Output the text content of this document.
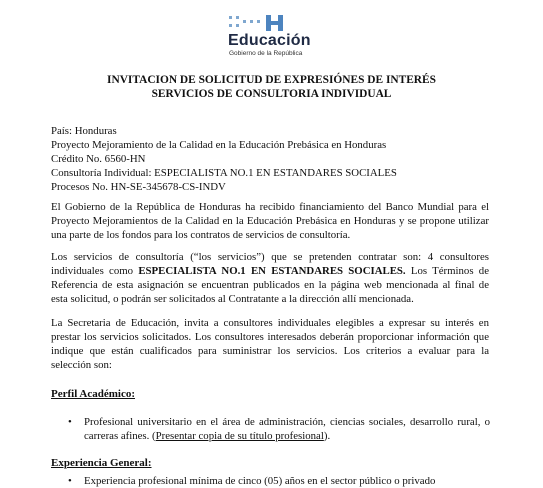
Educación
Gobierno de la República
INVITACION DE SOLICITUD DE EXPRESIÓNES DE INTERÉS
SERVICIOS DE CONSULTORIA INDIVIDUAL
País: Honduras
Proyecto Mejoramiento de la Calidad en la Educación Prebásica en Honduras
Crédito No. 6560-HN
Consultoría Individual: ESPECIALISTA NO.1 EN ESTANDARES SOCIALES
Procesos No. HN-SE-345678-CS-INDV
El Gobierno de la República de Honduras ha recibido financiamiento del Banco Mundial para el
Proyecto Mejoramientos de la Calidad en la Educación Prebásica en Honduras y se propone utilizar
una parte de los fondos para los contratos de servicios de consultoría.
Los servicios de consultoría (“los servicios”) que se pretenden contratar son: 4 consultores
individuales como ESPECIALISTA NO.1 EN ESTANDARES SOCIALES. Los Términos de
Referencia de esta asignación se encuentran publicados en la página web mencionada al final de
esta solicitud, o podrán ser solicitados al Contratante a la dirección allí mencionada.
La Secretaria de Educación, invita a consultores individuales elegibles a expresar su interés en
prestar los servicios solicitados. Los consultores interesados deberán proporcionar información que
indique que están cualificados para suministrar los servicios. Los criterios a evaluar para la
selección son:
Perfil Académico:
• Profesional universitario en el área de administración, ciencias sociales, desarrollo rural, o
carreras afines. (Presentar copia de su título profesional).
Experiencia General:
• Experiencia profesional mínima de cinco (05) años en el sector público o privado
